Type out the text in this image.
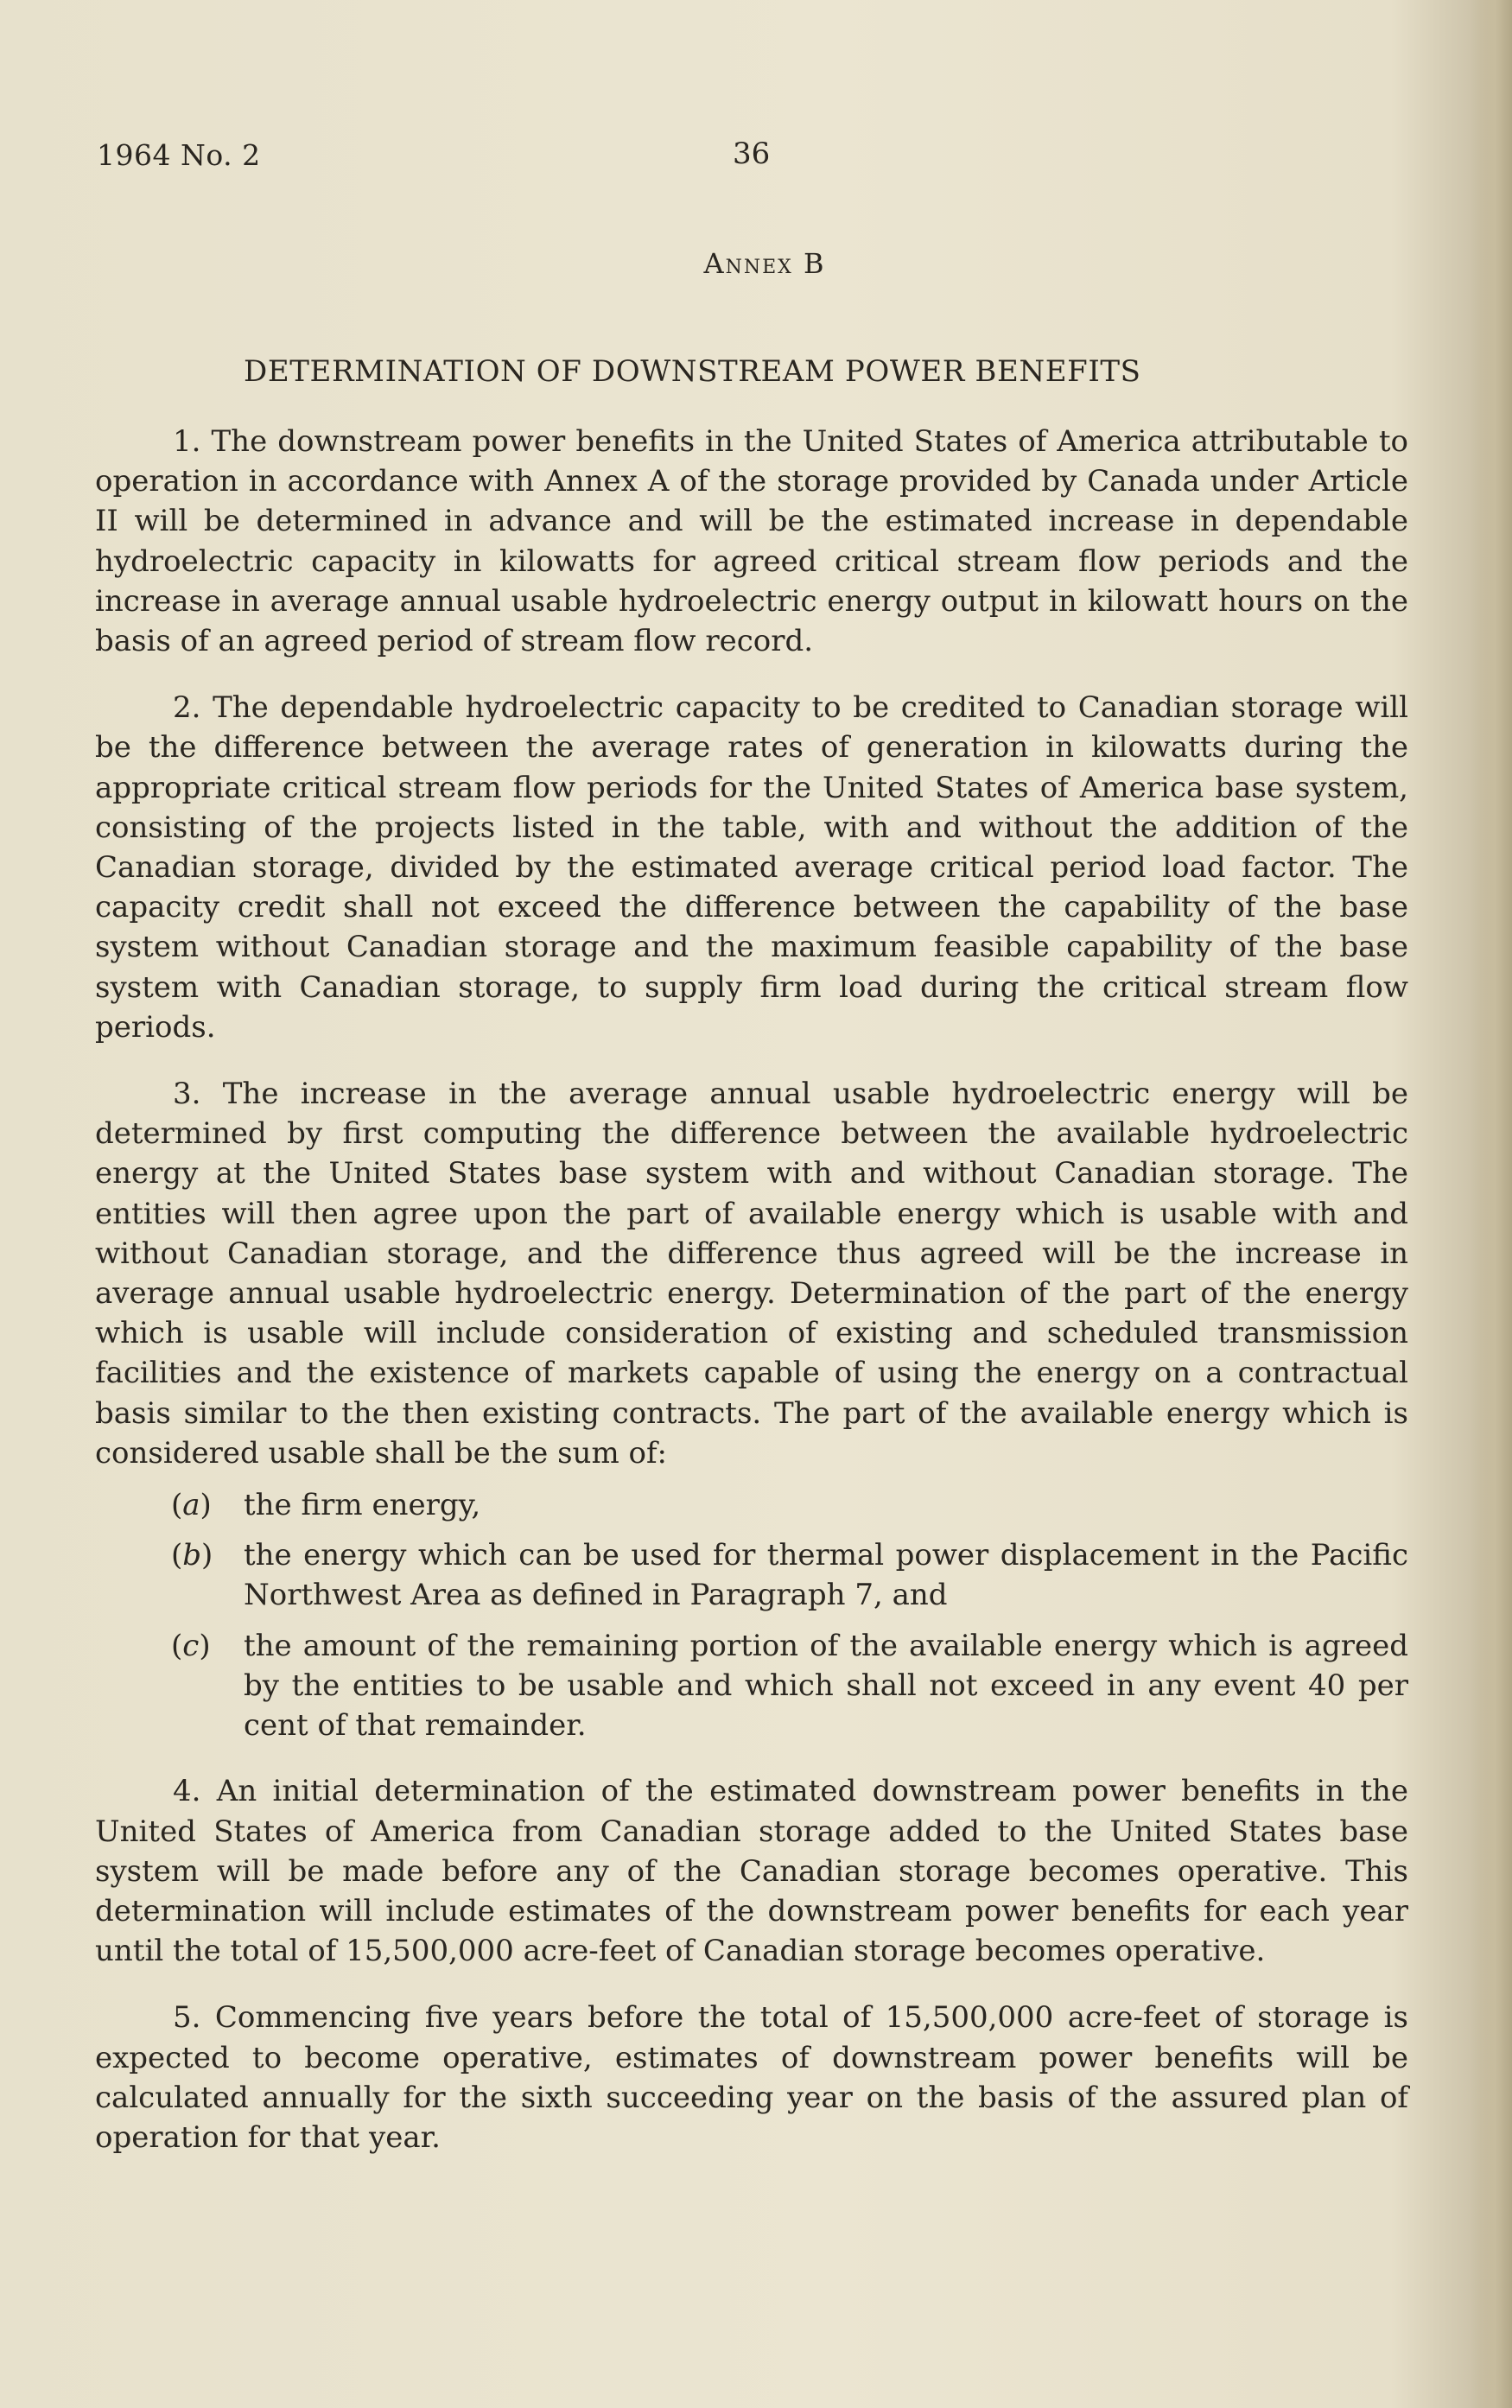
1964 No. 2	36
Annex B
DETERMINATION OF DOWNSTREAM POWER BENEFITS

1. The downstream power benefits in the United States of America attributable to operation in accordance with Annex A of the storage provided by Canada under Article II will be determined in advance and will be the estimated increase in dependable hydroelectric capacity in kilowatts for agreed critical stream flow periods and the increase in average annual usable hydroelectric energy output in kilowatt hours on the basis of an agreed period of stream flow record.

2. The dependable hydroelectric capacity to be credited to Canadian storage will be the difference between the average rates of generation in kilowatts during the appropriate critical stream flow periods for the United States of America base system, consisting of the projects listed in the table, with and without the addition of the Canadian storage, divided by the estimated average critical period load factor. The capacity credit shall not exceed the difference between the capability of the base system without Canadian storage and the maximum feasible capability of the base system with Canadian storage, to supply firm load during the critical stream flow periods.

3. The increase in the average annual usable hydroelectric energy will be determined by first computing the difference between the available hydroelectric energy at the United States base system with and without Canadian storage. The entities will then agree upon the part of available energy which is usable with and without Canadian storage, and the difference thus agreed will be the increase in average annual usable hydroelectric energy. Determination of the part of the energy which is usable will include consideration of existing and scheduled transmission facilities and the existence of markets capable of using the energy on a contractual basis similar to the then existing contracts. The part of the available energy which is considered usable shall be the sum of:

(a) the firm energy,
(b) the energy which can be used for thermal power displacement in the Pacific Northwest Area as defined in Paragraph 7, and
(c) the amount of the remaining portion of the available energy which is agreed by the entities to be usable and which shall not exceed in any event 40 per cent of that remainder.

4. An initial determination of the estimated downstream power benefits in the United States of America from Canadian storage added to the United States base system will be made before any of the Canadian storage becomes operative. This determination will include estimates of the downstream power benefits for each year until the total of 15,500,000 acre-feet of Canadian storage becomes operative.

5. Commencing five years before the total of 15,500,000 acre-feet of storage is expected to become operative, estimates of downstream power benefits will be calculated annually for the sixth succeeding year on the basis of the assured plan of operation for that year.
